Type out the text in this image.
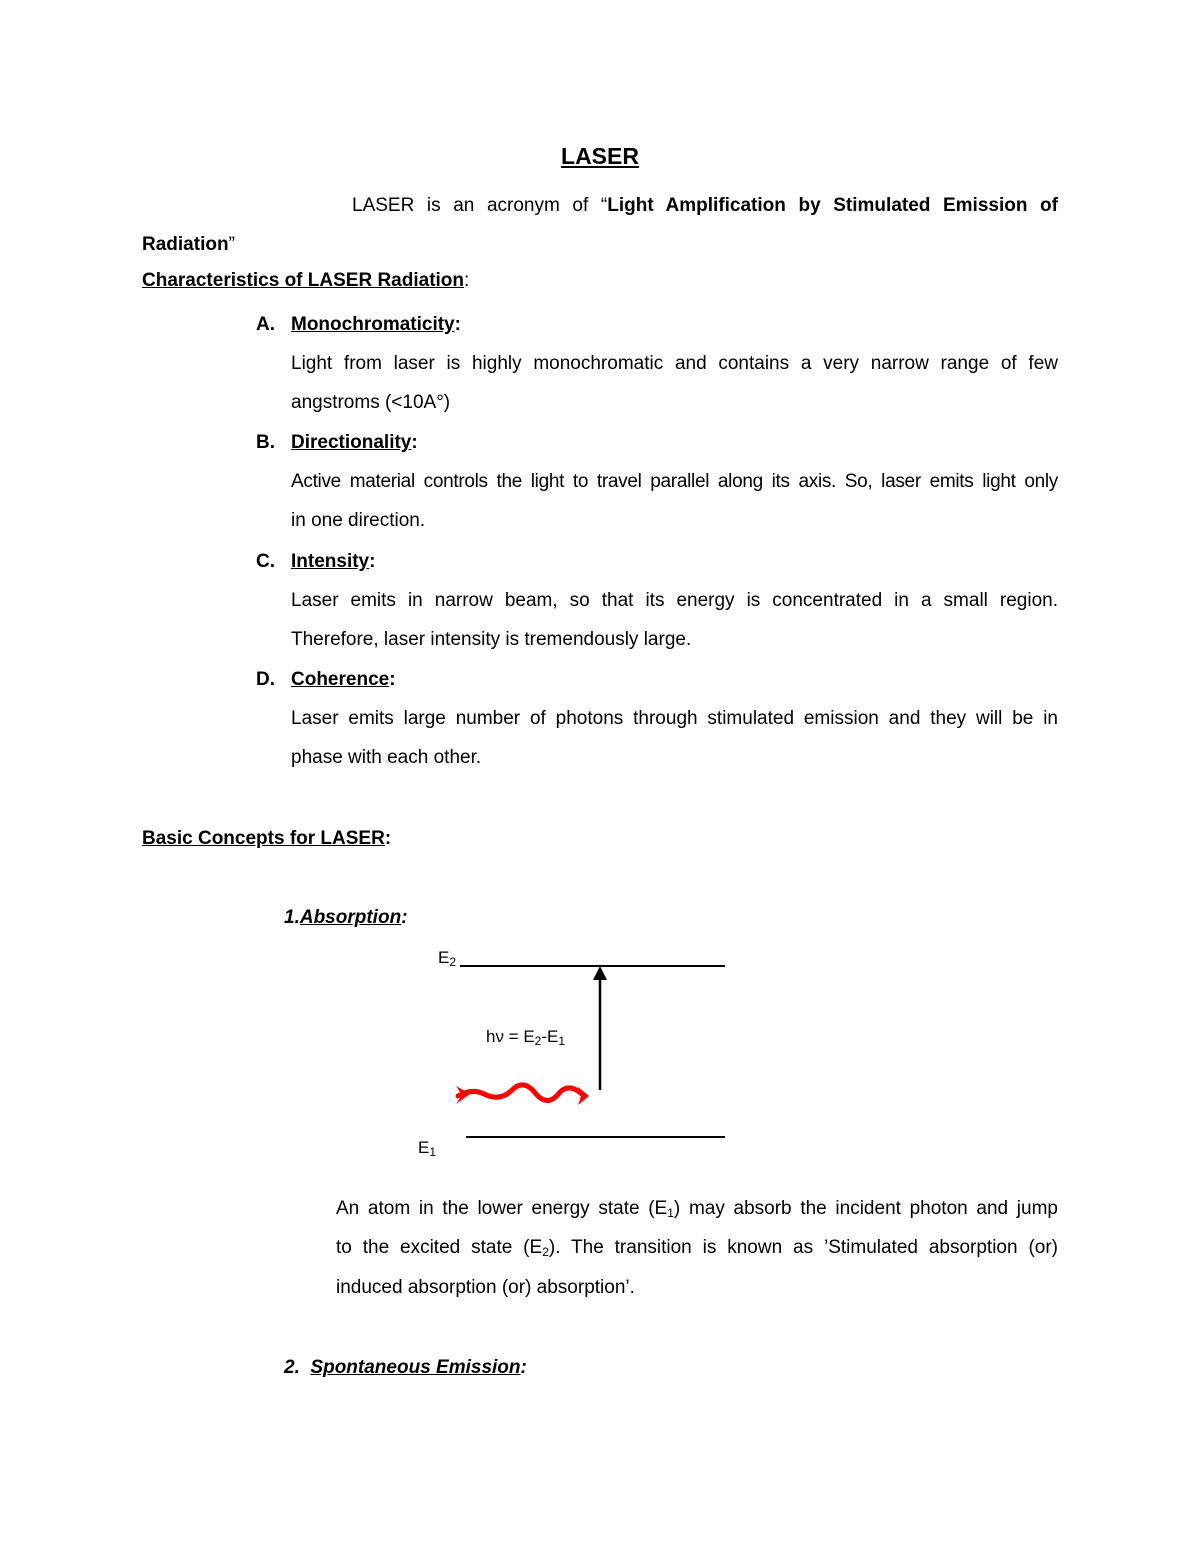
LASER
LASER is an acronym of “Light Amplification by Stimulated Emission of
Radiation”
Characteristics of LASER Radiation:
A. Monochromaticity:
Light from laser is highly monochromatic and contains a very narrow range of few
angstroms (<10A°)
B. Directionality:
Active material controls the light to travel parallel along its axis. So, laser emits light only
in one direction.
C. Intensity:
Laser emits in narrow beam, so that its energy is concentrated in a small region.
Therefore, laser intensity is tremendously large.
D. Coherence:
Laser emits large number of photons through stimulated emission and they will be in
phase with each other.
Basic Concepts for LASER:
1.Absorption:
$E_2$
$h\nu = E_2-E_1$
$E_1$
An atom in the lower energy state $(E_1)$ may absorb the incident photon and jump
to the excited state $(E_2)$. The transition is known as ’Stimulated absorption (or)
induced absorption (or) absorption’.
2. Spontaneous Emission:
